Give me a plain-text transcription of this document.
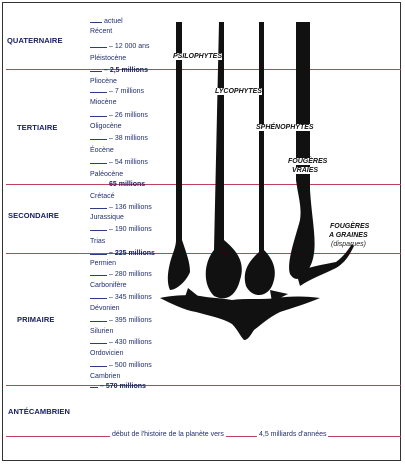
QUATERNAIRE
TERTIAIRE
SECONDAIRE
PRIMAIRE
ANTÉCAMBRIEN
actuel
Récent
– 12 000 ans
Pléistocène
– 2,5 millions
Pliocène
– 7 millions
Miocène
– 26 millions
Oligocène
– 38 millions
Éocène
– 54 millions
Paléocène
65 millions
Crétacé
– 136 millions
Jurassique
– 190 millions
Trias
– 225 millions
Permien
– 280 millions
Carbonifère
– 345 millions
Dévonien
– 395 millions
Silurien
– 430 millions
Ordovicien
– 500 millions
Cambrien
– 570 millions
PSILOPHYTES
LYCOPHYTES
SPHÉNOPHYTES
FOUGÈRES
VRAIES
FOUGÈRES
A GRAINES
(disparues)
début de l'histoire de la planète vers	4,5 milliards d'années
